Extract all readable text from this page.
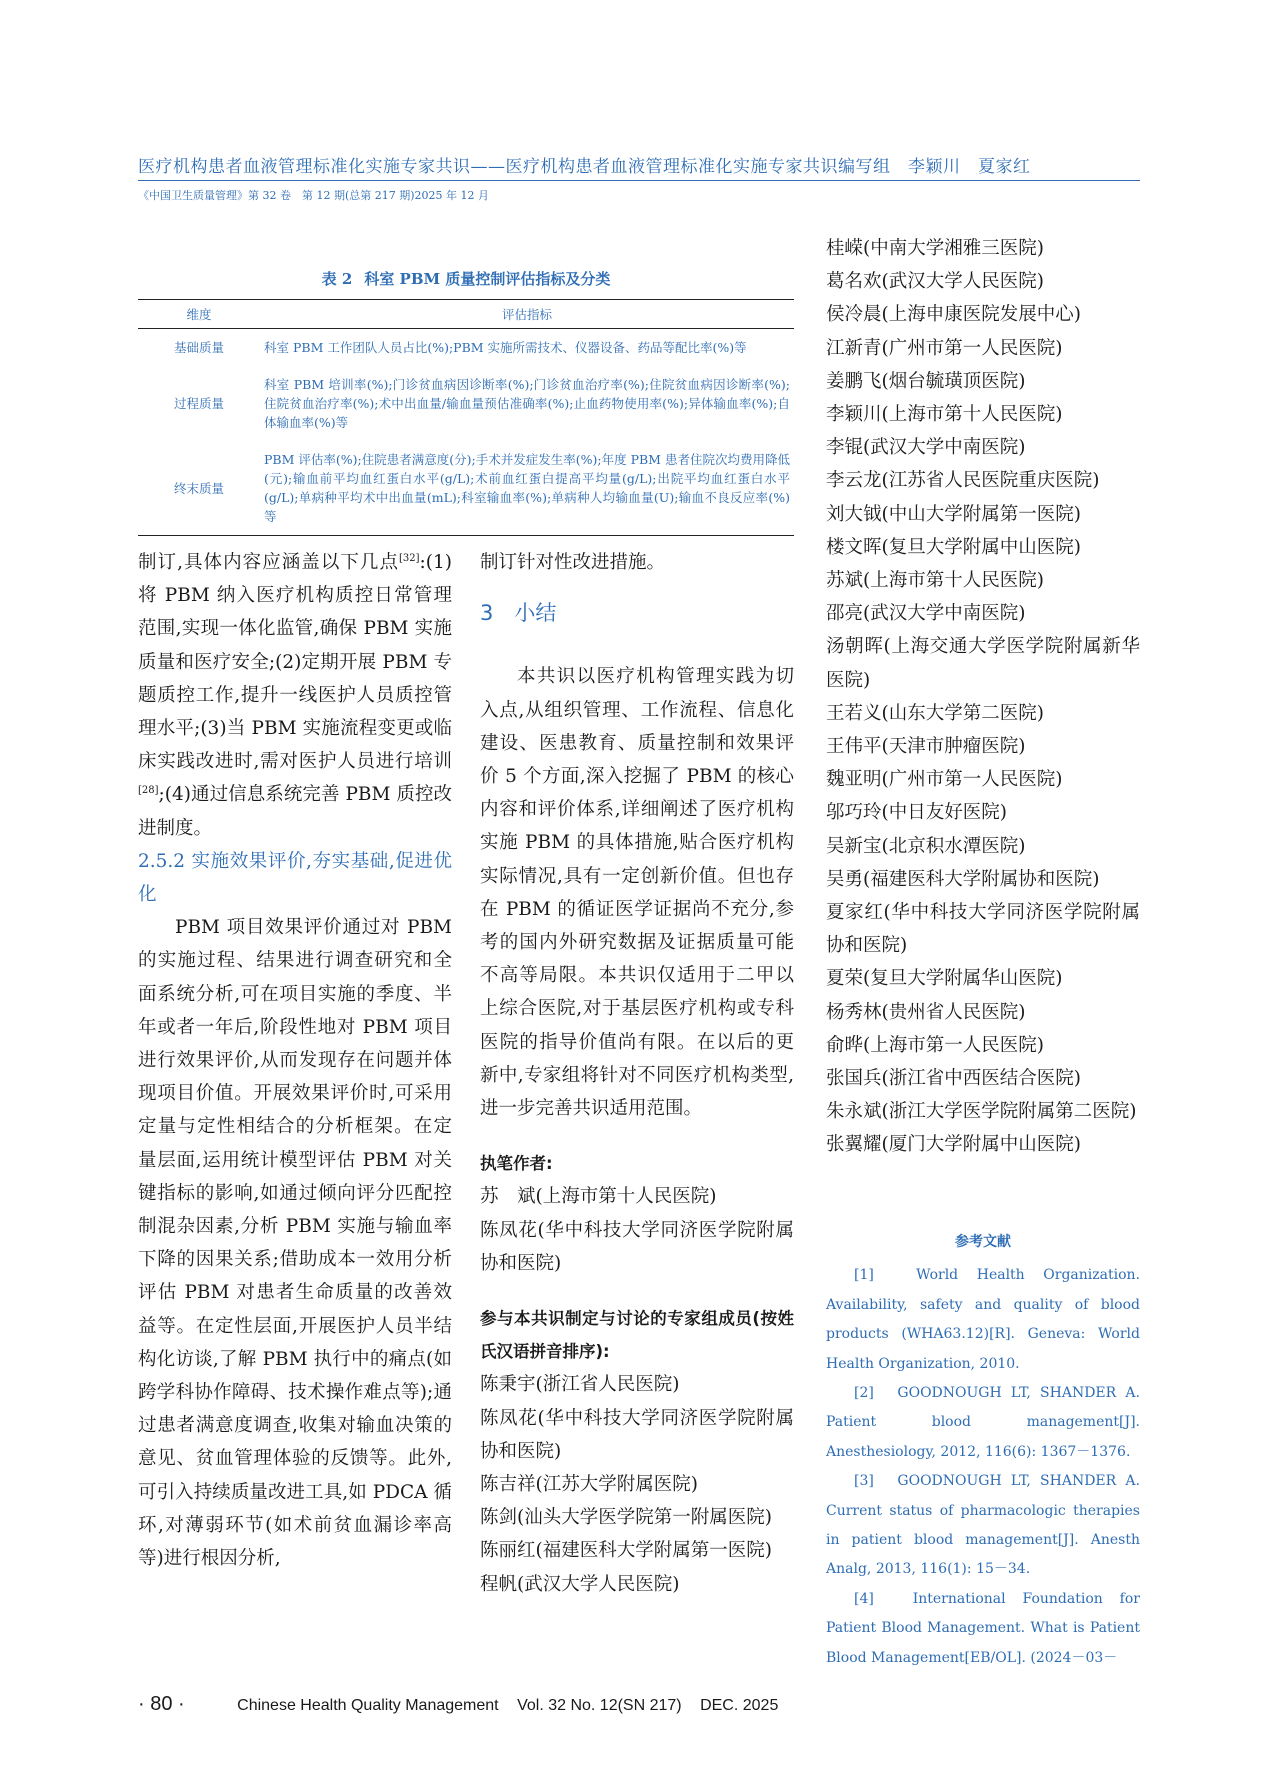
医疗机构患者血液管理标准化实施专家共识——医疗机构患者血液管理标准化实施专家共识编写组　李颖川　夏家红
《中国卫生质量管理》第 32 卷　第 12 期(总第 217 期)2025 年 12 月
表 2 科室 PBM 质量控制评估指标及分类
维度	评估指标
基础质量	科室 PBM 工作团队人员占比(%);PBM 实施所需技术、仪器设备、药品等配比率(%)等
过程质量	科室 PBM 培训率(%);门诊贫血病因诊断率(%);门诊贫血治疗率(%);住院贫血病因诊断率(%);住院贫血治疗率(%);术中出血量/输血量预估准确率(%);止血药物使用率(%);异体输血率(%);自体输血率(%)等
终末质量	PBM 评估率(%);住院患者满意度(分);手术并发症发生率(%);年度 PBM 患者住院次均费用降低(元);输血前平均血红蛋白水平(g/L);术前血红蛋白提高平均量(g/L);出院平均血红蛋白水平(g/L);单病种平均术中出血量(mL);科室输血率(%);单病种人均输血量(U);输血不良反应率(%)等

制订,具体内容应涵盖以下几点[32]:(1)将 PBM 纳入医疗机构质控日常管理范围,实现一体化监管,确保 PBM 实施质量和医疗安全;(2)定期开展 PBM 专题质控工作,提升一线医护人员质控管理水平;(3)当 PBM 实施流程变更或临床实践改进时,需对医护人员进行培训[28];(4)通过信息系统完善 PBM 质控改进制度。

2.5.2 实施效果评价,夯实基础,促进优化

PBM 项目效果评价通过对 PBM 的实施过程、结果进行调查研究和全面系统分析,可在项目实施的季度、半年或者一年后,阶段性地对 PBM 项目进行效果评价,从而发现存在问题并体现项目价值。开展效果评价时,可采用定量与定性相结合的分析框架。在定量层面,运用统计模型评估 PBM 对关键指标的影响,如通过倾向评分匹配控制混杂因素,分析 PBM 实施与输血率下降的因果关系;借助成本一效用分析评估 PBM 对患者生命质量的改善效益等。在定性层面,开展医护人员半结构化访谈,了解 PBM 执行中的痛点(如跨学科协作障碍、技术操作难点等);通过患者满意度调查,收集对输血决策的意见、贫血管理体验的反馈等。此外,可引入持续质量改进工具,如 PDCA 循环,对薄弱环节(如术前贫血漏诊率高等)进行根因分析,

制订针对性改进措施。

3　 小结

本共识以医疗机构管理实践为切入点,从组织管理、工作流程、信息化建设、医患教育、质量控制和效果评价 5 个方面,深入挖掘了 PBM 的核心内容和评价体系,详细阐述了医疗机构实施 PBM 的具体措施,贴合医疗机构实际情况,具有一定创新价值。但也存在 PBM 的循证医学证据尚不充分,参考的国内外研究数据及证据质量可能不高等局限。本共识仅适用于二甲以上综合医院,对于基层医疗机构或专科医院的指导价值尚有限。在以后的更新中,专家组将针对不同医疗机构类型,进一步完善共识适用范围。

执笔作者:

苏　斌(上海市第十人民医院)

陈凤花(华中科技大学同济医学院附属协和医院)

参与本共识制定与讨论的专家组成员(按姓氏汉语拼音排序):

陈秉宇(浙江省人民医院)

陈凤花(华中科技大学同济医学院附属协和医院)

陈吉祥(江苏大学附属医院)

陈剑(汕头大学医学院第一附属医院)

陈丽红(福建医科大学附属第一医院)

程帆(武汉大学人民医院)

桂嵘(中南大学湘雅三医院)

葛名欢(武汉大学人民医院)

侯冷晨(上海申康医院发展中心)

江新青(广州市第一人民医院)

姜鹏飞(烟台毓璜顶医院)

李颖川(上海市第十人民医院)

李锟(武汉大学中南医院)

李云龙(江苏省人民医院重庆医院)

刘大钺(中山大学附属第一医院)

楼文晖(复旦大学附属中山医院)

苏斌(上海市第十人民医院)

邵亮(武汉大学中南医院)

汤朝晖(上海交通大学医学院附属新华医院)

王若义(山东大学第二医院)

王伟平(天津市肿瘤医院)

魏亚明(广州市第一人民医院)

邬巧玲(中日友好医院)

吴新宝(北京积水潭医院)

吴勇(福建医科大学附属协和医院)

夏家红(华中科技大学同济医学院附属协和医院)

夏荣(复旦大学附属华山医院)

杨秀林(贵州省人民医院)

俞晔(上海市第一人民医院)

张国兵(浙江省中西医结合医院)

朱永斌(浙江大学医学院附属第二医院)

张翼耀(厦门大学附属中山医院)

参考文献

[1]　World Health Organization. Availability, safety and quality of blood products (WHA63.12)[R]. Geneva: World Health Organization, 2010.

[2]　GOODNOUGH LT, SHANDER A. Patient blood management[J]. Anesthesiology, 2012, 116(6): 1367－1376.

[3]　GOODNOUGH LT, SHANDER A. Current status of pharmacologic therapies in patient blood management[J]. Anesth Analg, 2013, 116(1): 15－34.

[4]　International Foundation for Patient Blood Management. What is Patient Blood Management[EB/OL]. (2024－03－

· 80 ·	Chinese Health Quality Management Vol. 32 No. 12(SN 217) DEC. 2025
